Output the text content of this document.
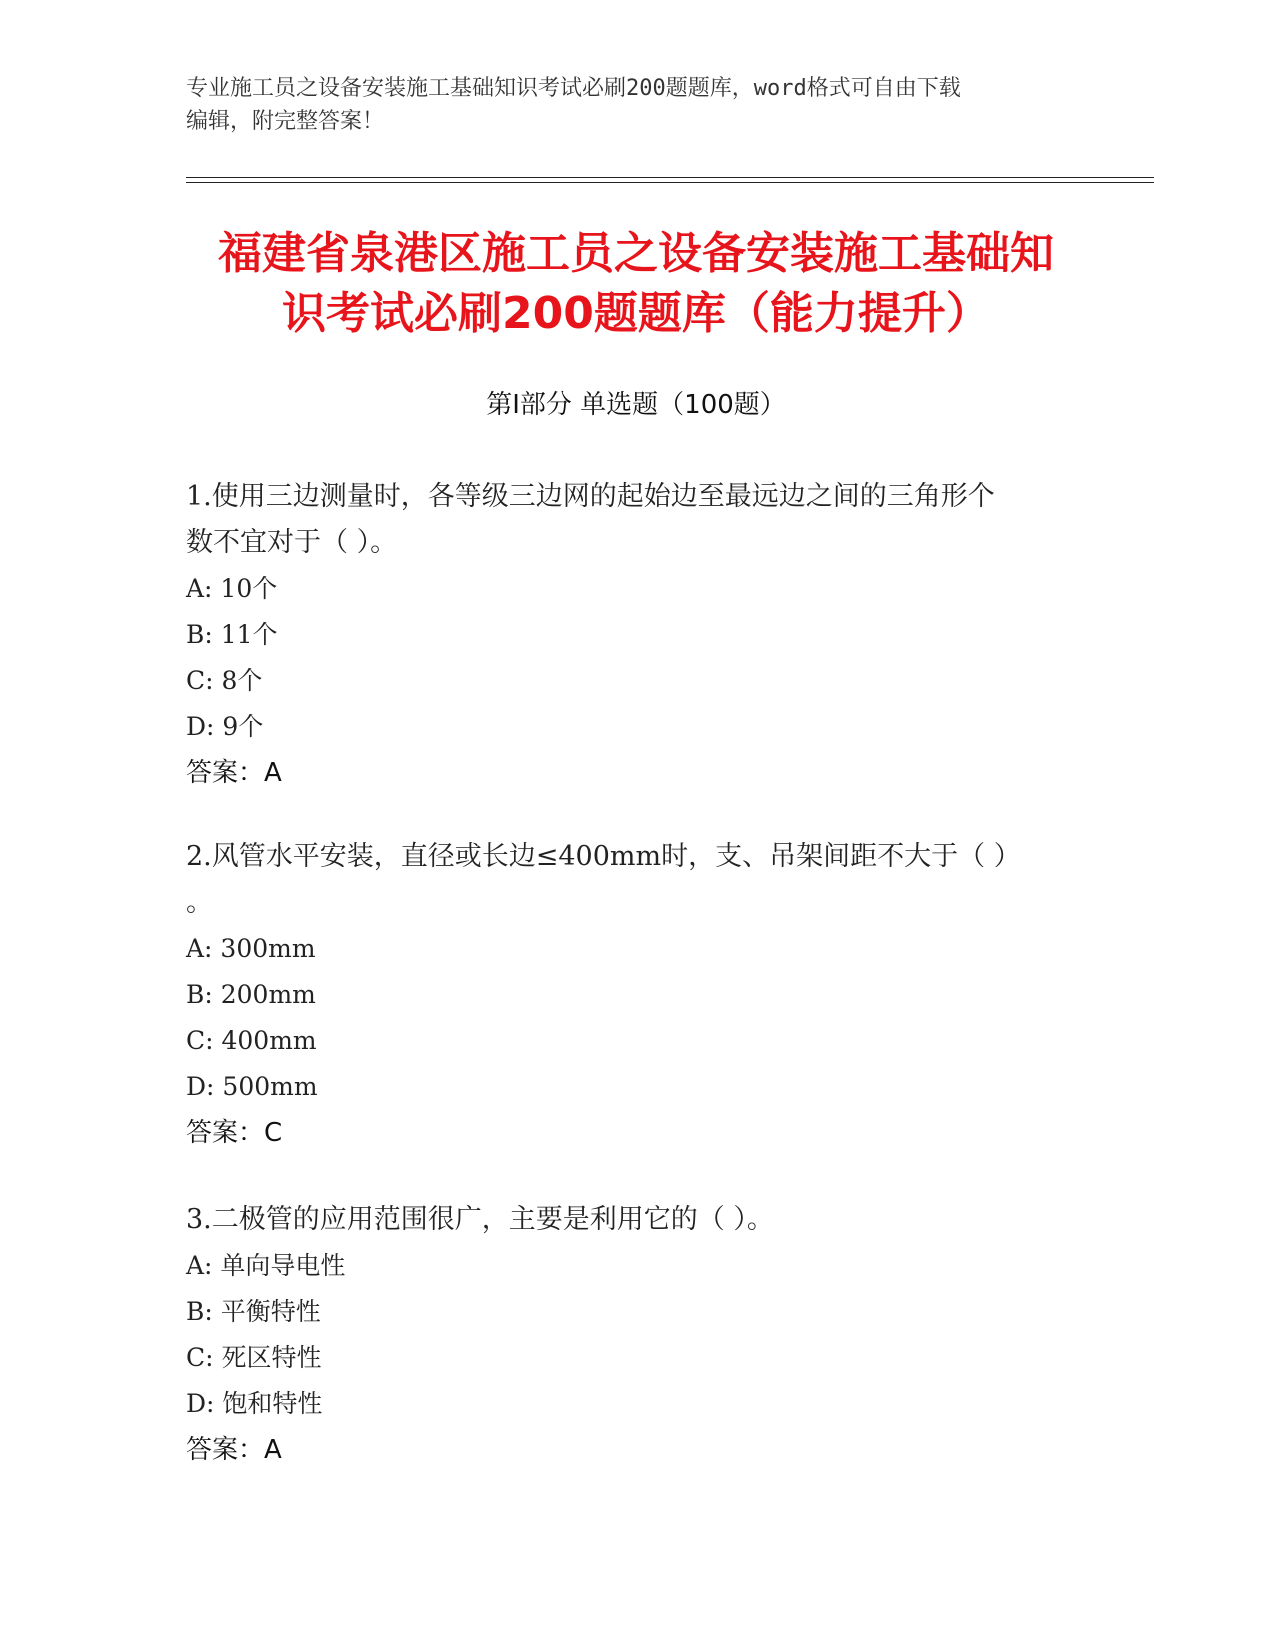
专业施工员之设备安装施工基础知识考试必刷200题题库，word格式可自由下载
编辑，附完整答案！
福建省泉港区施工员之设备安装施工基础知
识考试必刷200题题库（能力提升）
第Ⅰ部分 单选题（100题）
1.使用三边测量时，各等级三边网的起始边至最远边之间的三角形个
数不宜对于（ ）。
A: 10个
B: 11个
C: 8个
D: 9个
答案：A
2.风管水平安装，直径或长边≤400mm时，支、吊架间距不大于（ ）
。
A: 300mm
B: 200mm
C: 400mm
D: 500mm
答案：C
3.二极管的应用范围很广，主要是利用它的（ ）。
A: 单向导电性
B: 平衡特性
C: 死区特性
D: 饱和特性
答案：A
